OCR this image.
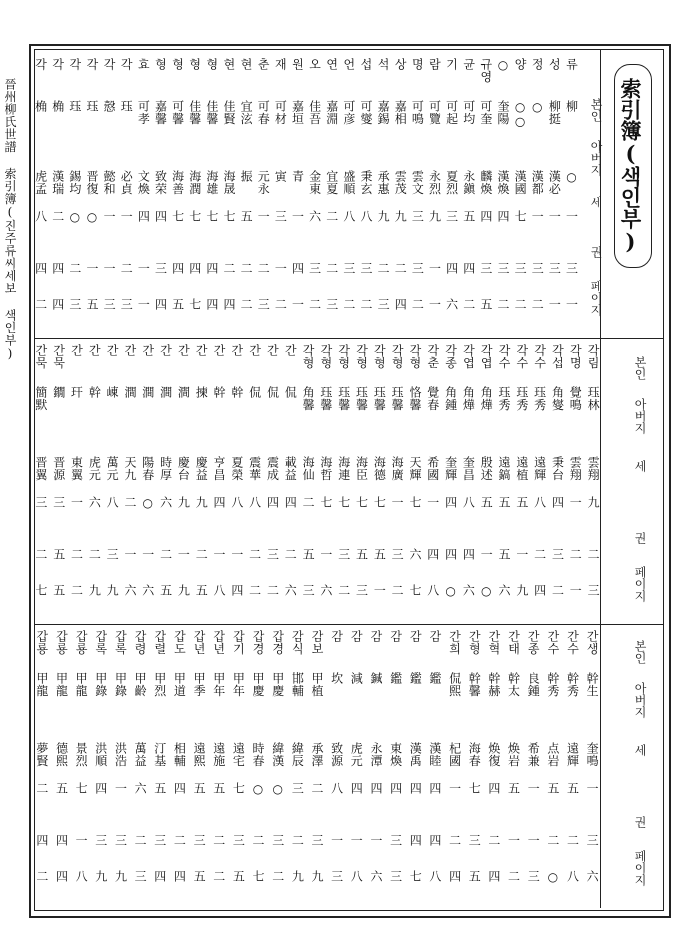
晉州柳氏世譜 索引簿(진주류씨세보 색인부)	索引簿(색인부)
본인
아버지
세
권
페이지
본인
아버지
세
권
페이지
본인
아버지
세
권
페이지
류
柳
○
一
三
一
성
柳挺
漢必
一
三
一
정
○
漢都
一
三
二
양
○○
漢國
七
三
二
○
奎陽
漢煥
四
三
二
규영
可奎
麟煥
四
三
五
균
可均
永鎭
五
四
二
기
可起
夏烈
三
四
六
람
可覽
永烈
九
一
一
명
可鳴
雲文
三
三
二
상
嘉相
雲茂
九
二
四
석
嘉錫
承惠
九
二
三
섭
可燮
秉玄
八
三
二
언
可彦
盛順
八
三
二
연
嘉淵
宜夏
二
二
三
오
佳吾
金東
六
三
二
원
嘉垣
青
一
四
一
재
可材
寅
三
一
二
춘
可春
元永
一
二
三
현
宜泫
振
五
二
二
현
佳賢
海晟
七
二
四
형
佳馨
海雄
七
四
四
형
佳馨
海潤
七
四
七
형
可馨
海善
七
四
五
형
嘉馨
致荣
四
三
四
효
可孝
文煥
四
一
一
각
珏
必貞
一
二
三
각
慤
懿和
一
一
三
각
珏
晋復
○
一
五
각
珏
錫均
○
二
三
각
桷
漢瑞
二
四
四
각
桷
虎孟
八
四
二
각림
珏林
雲翔
九
二
三
각명
覺鳴
雲翔
一
二
一
각섭
角燮
秉台
四
三
二
각수
珏秀
遠輝
八
二
四
각수
珏秀
遠植
五
一
九
각수
珏秀
遠鎬
五
五
六
각엽
角燁
殷述
五
一
○
각엽
角燁
奎昌
八
四
六
각종
角鍾
奎輝
四
四
○
각춘
覺春
希國
一
四
八
각형
恪馨
天輝
七
六
七
각형
珏馨
海廣
一
三
二
각형
珏馨
海德
七
五
一
각형
珏馨
海臣
七
五
三
각형
珏馨
海連
七
三
二
각형
珏馨
海哲
七
一
六
각형
角馨
海仙
二
五
三
간
侃
載益
四
二
六
간
侃
震成
四
三
二
간
侃
震華
八
二
二
간
幹
夏榮
八
一
四
간
幹
亨昌
四
一
八
간
揀
慶益
九
二
五
간
澗
慶台
九
一
九
간
澗
時厚
六
二
五
간
澗
陽春
○
一
六
간
澗
天九
二
一
六
간
崠
萬元
八
三
九
간
幹
虎元
六
二
九
간
玕
東翼
一
二
二
간묵
鐗
晋源
三
五
五
간묵
簡默
晋翼
三
二
七
간생
幹生
奎鳴
一
三
六
간수
幹秀
遠輝
五
二
八
간수
幹秀
点岩
五
二
○
간종
良鍾
希兼
一
一
三
간태
幹太
焕岩
五
一
二
간혁
幹赫
焕復
四
二
四
간형
幹馨
海春
七
三
五
간희
侃熙
杞國
一
二
四
감
鑑
漢睦
四
四
八
감
鑑
漢禹
四
四
七
감
鑑
東煥
四
三
三
감
鍼
永潭
四
一
六
감
減
虎元
四
一
八
감
坎
致源
八
一
三
감보
甲植
承澤
二
三
九
감식
邯輔
緯辰
三
二
九
갑경
甲慶
緯漢
○
三
二
갑경
甲慶
時春
○
二
七
갑기
甲年
遠宅
七
三
五
갑년
甲年
遠施
五
二
二
갑년
甲季
遠熙
五
三
五
갑도
甲道
相輔
四
二
四
갑렬
甲烈
汀基
五
三
四
갑령
甲齡
萬益
六
二
三
갑록
甲錄
洪浩
一
三
九
갑록
甲錄
洪順
四
三
九
갑룡
甲龍
景烈
七
一
八
갑룡
甲龍
德熙
五
四
四
갑룡
甲龍
夢賢
二
四
二
